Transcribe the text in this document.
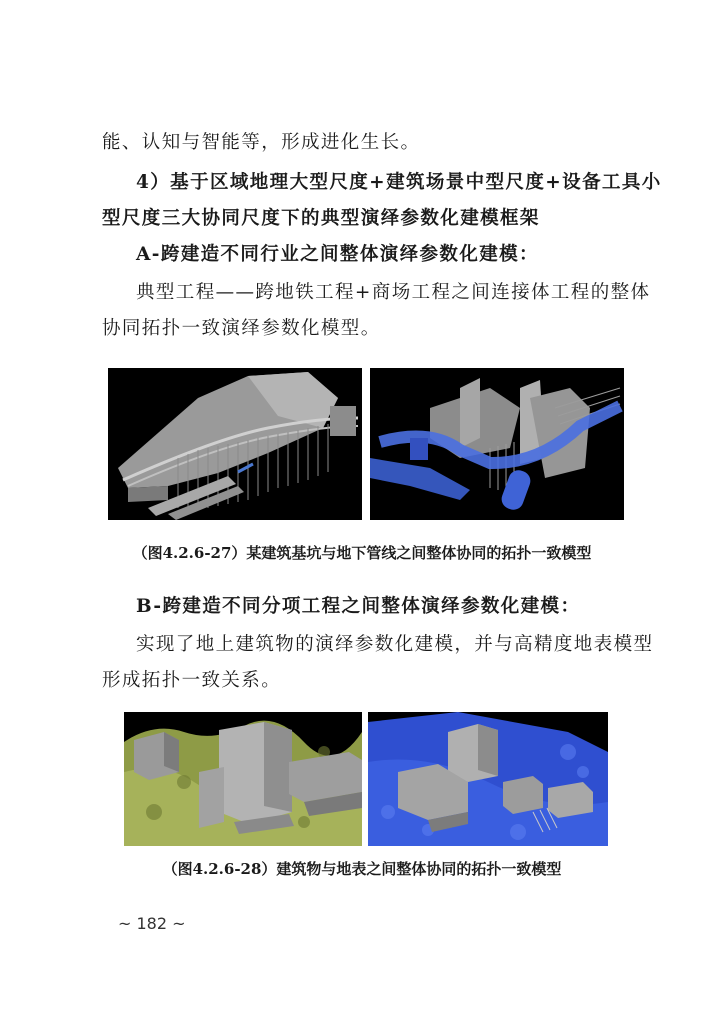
能、认知与智能等，形成进化生长。
4）基于区域地理大型尺度+建筑场景中型尺度+设备工具小
型尺度三大协同尺度下的典型演绎参数化建模框架
A-跨建造不同行业之间整体演绎参数化建模：
典型工程——跨地铁工程+商场工程之间连接体工程的整体
协同拓扑一致演绎参数化模型。
（图4.2.6-27）某建筑基坑与地下管线之间整体协同的拓扑一致模型
B-跨建造不同分项工程之间整体演绎参数化建模：
实现了地上建筑物的演绎参数化建模，并与高精度地表模型
形成拓扑一致关系。
（图4.2.6-28）建筑物与地表之间整体协同的拓扑一致模型
~ 182 ~
